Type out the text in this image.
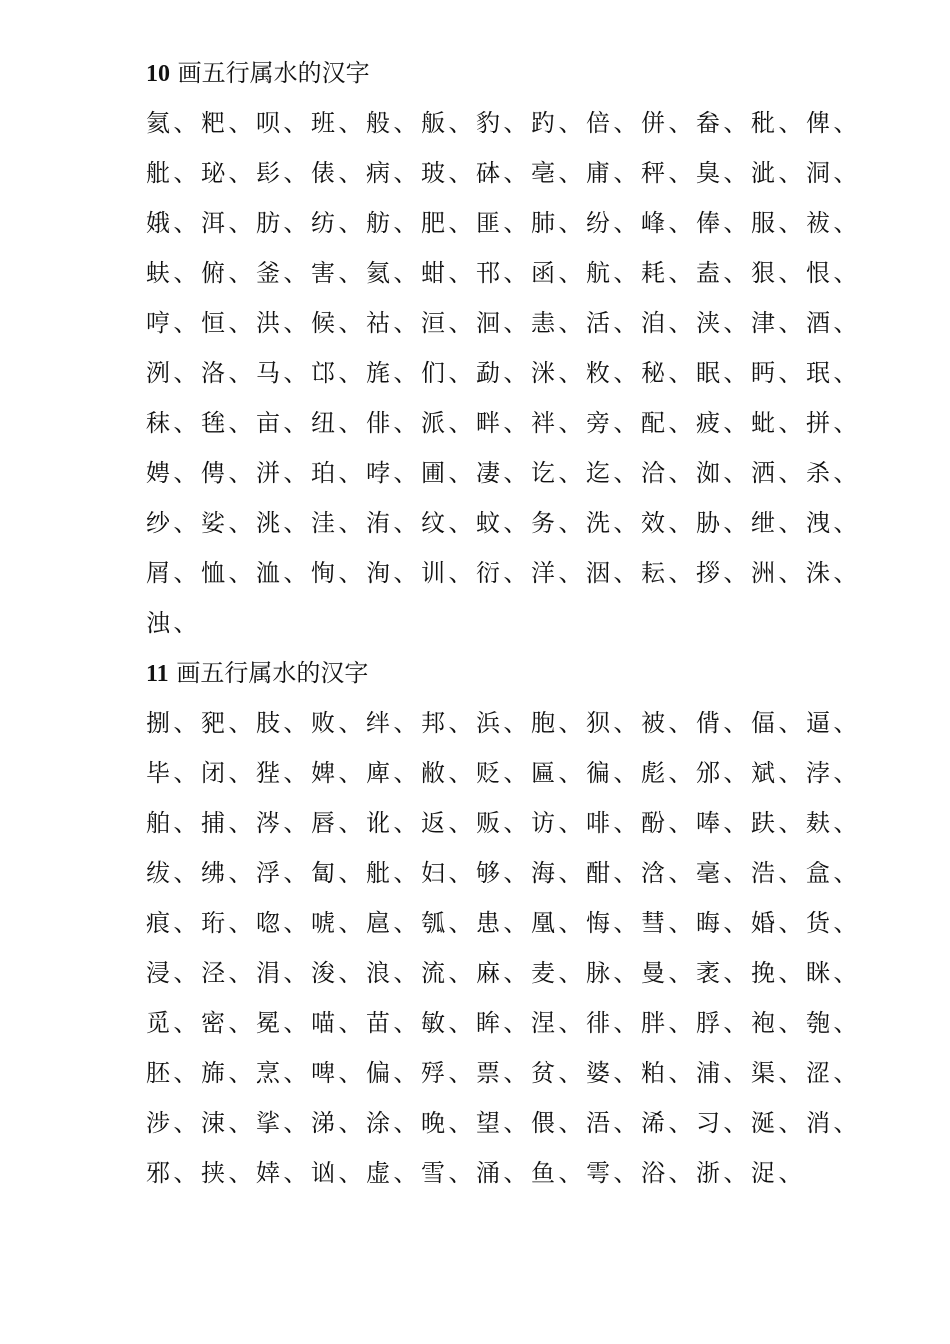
10 画五行属水的汉字
氦、粑、呗、班、般、舨、豹、趵、倍、併、畚、秕、俾、
舭、珌、髟、俵、病、玻、砵、亳、庯、秤、臭、泚、洞、
娥、洱、肪、纺、舫、肥、匪、肺、纷、峰、俸、服、袚、
蚨、俯、釜、害、氦、蚶、邗、函、航、耗、盍、狠、恨、
哼、恒、洪、候、祜、洹、洄、恚、活、洎、浃、津、酒、
洌、洛、马、邙、旄、们、勐、洣、敉、秘、眠、眄、珉、
秣、毪、亩、纽、俳、派、畔、袢、旁、配、疲、蚍、拼、
娉、俜、洴、珀、哱、圃、凄、讫、迄、洽、洳、洒、杀、
纱、娑、洮、洼、洧、纹、蚊、务、洗、效、胁、绁、洩、
屑、恤、洫、恂、洵、训、衍、洋、洇、耘、拶、洲、洙、
浊、
11 画五行属水的汉字
捌、豝、肢、败、绊、邦、浜、胞、狈、被、偝、偪、逼、
毕、闭、狴、婢、庳、敝、贬、匾、徧、彪、邠、斌、浡、
舶、捕、涔、唇、讹、返、贩、访、啡、酚、唪、趺、麸、
绂、绋、浮、匐、舭、妇、够、海、酣、浛、毫、浩、盒、
痕、珩、唿、唬、扈、瓠、患、凰、悔、彗、晦、婚、货、
浸、泾、涓、浚、浪、流、麻、麦、脉、曼、袤、挽、眯、
觅、密、冕、喵、苗、敏、眸、涅、徘、胖、脬、袍、匏、
胚、旆、烹、啤、偏、殍、票、贫、婆、粕、浦、渠、涩、
涉、涑、挲、涕、涂、晚、望、偎、浯、浠、习、涎、消、
邪、挟、婞、讻、虚、雪、涌、鱼、雩、浴、浙、浞、
